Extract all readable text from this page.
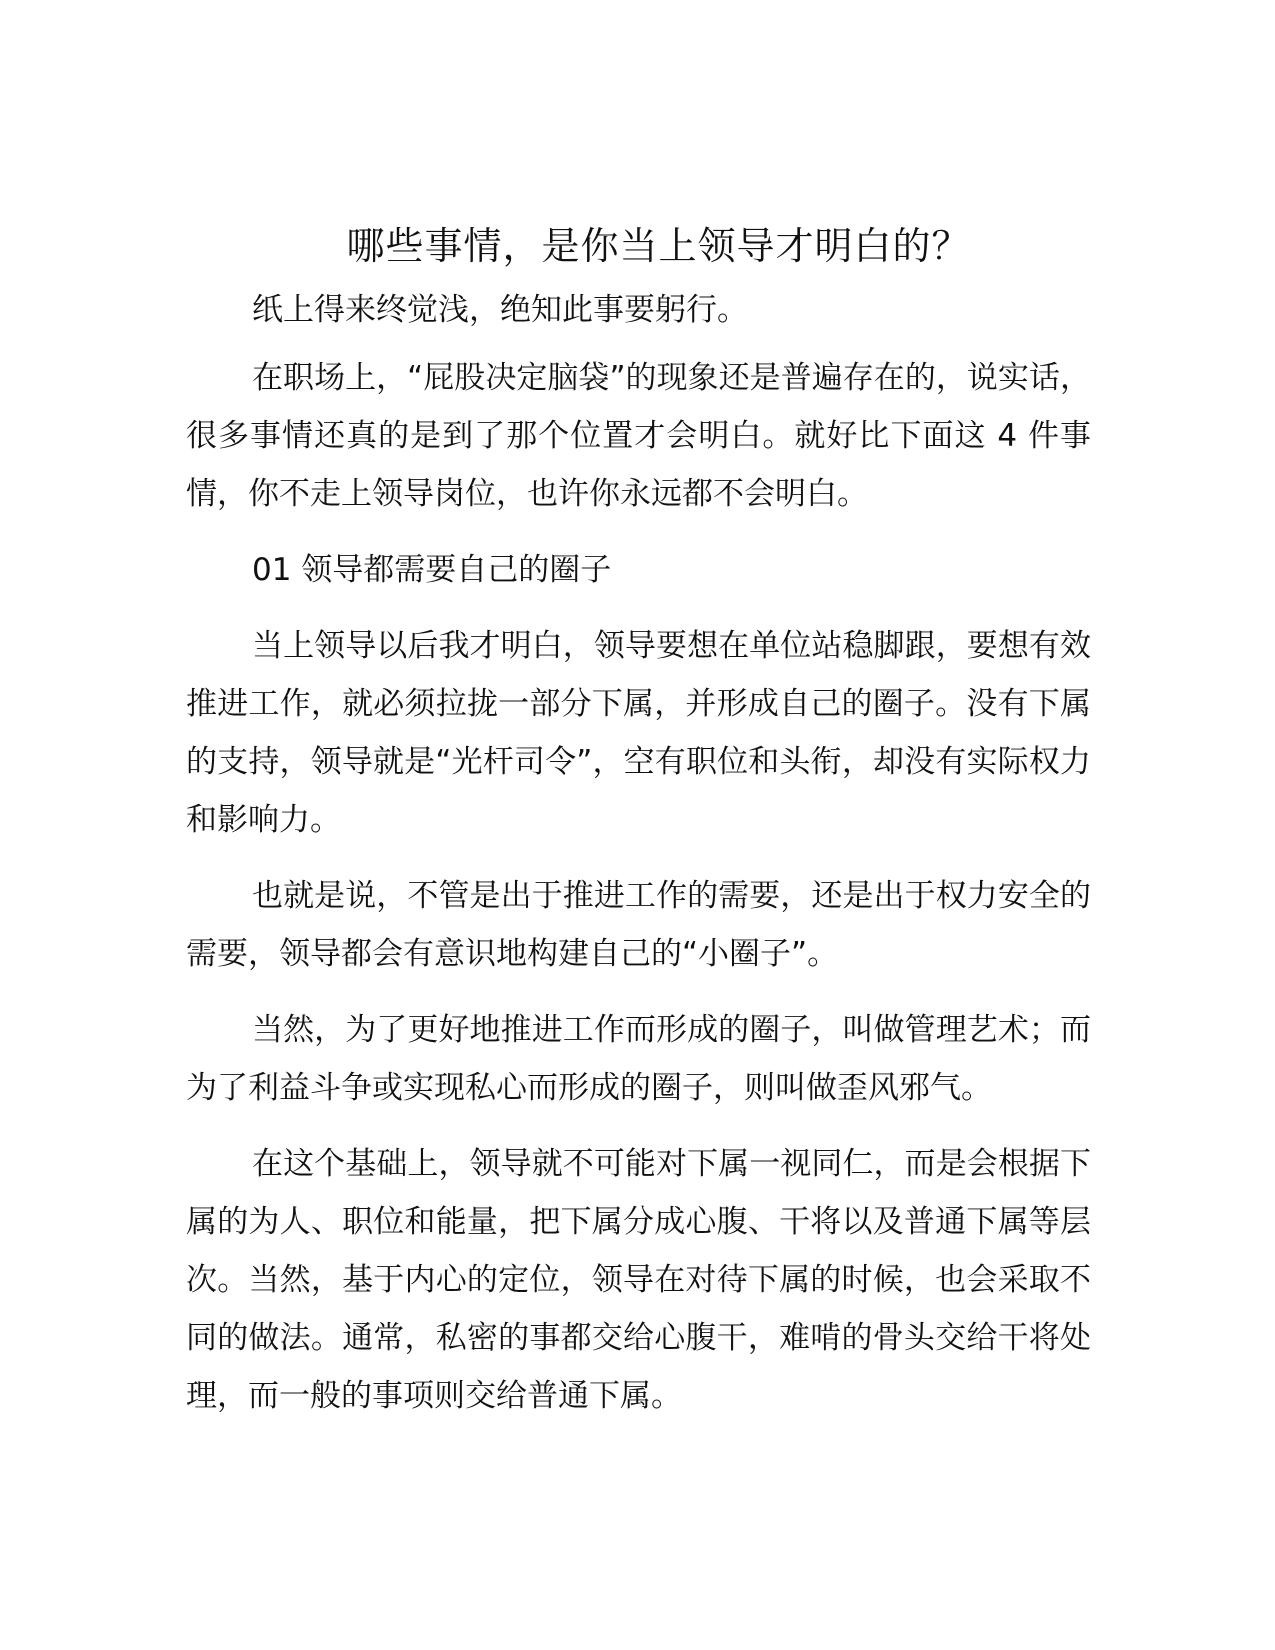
哪些事情，是你当上领导才明白的？

纸上得来终觉浅，绝知此事要躬行。

在职场上，“屁股决定脑袋”的现象还是普遍存在的，说实话，很多事情还真的是到了那个位置才会明白。就好比下面这 4 件事情，你不走上领导岗位，也许你永远都不会明白。

01 领导都需要自己的圈子

当上领导以后我才明白，领导要想在单位站稳脚跟，要想有效推进工作，就必须拉拢一部分下属，并形成自己的圈子。没有下属的支持，领导就是“光杆司令”，空有职位和头衔，却没有实际权力和影响力。

也就是说，不管是出于推进工作的需要，还是出于权力安全的需要，领导都会有意识地构建自己的“小圈子”。

当然，为了更好地推进工作而形成的圈子，叫做管理艺术；而为了利益斗争或实现私心而形成的圈子，则叫做歪风邪气。

在这个基础上，领导就不可能对下属一视同仁，而是会根据下属的为人、职位和能量，把下属分成心腹、干将以及普通下属等层次。当然，基于内心的定位，领导在对待下属的时候，也会采取不同的做法。通常，私密的事都交给心腹干，难啃的骨头交给干将处理，而一般的事项则交给普通下属。
